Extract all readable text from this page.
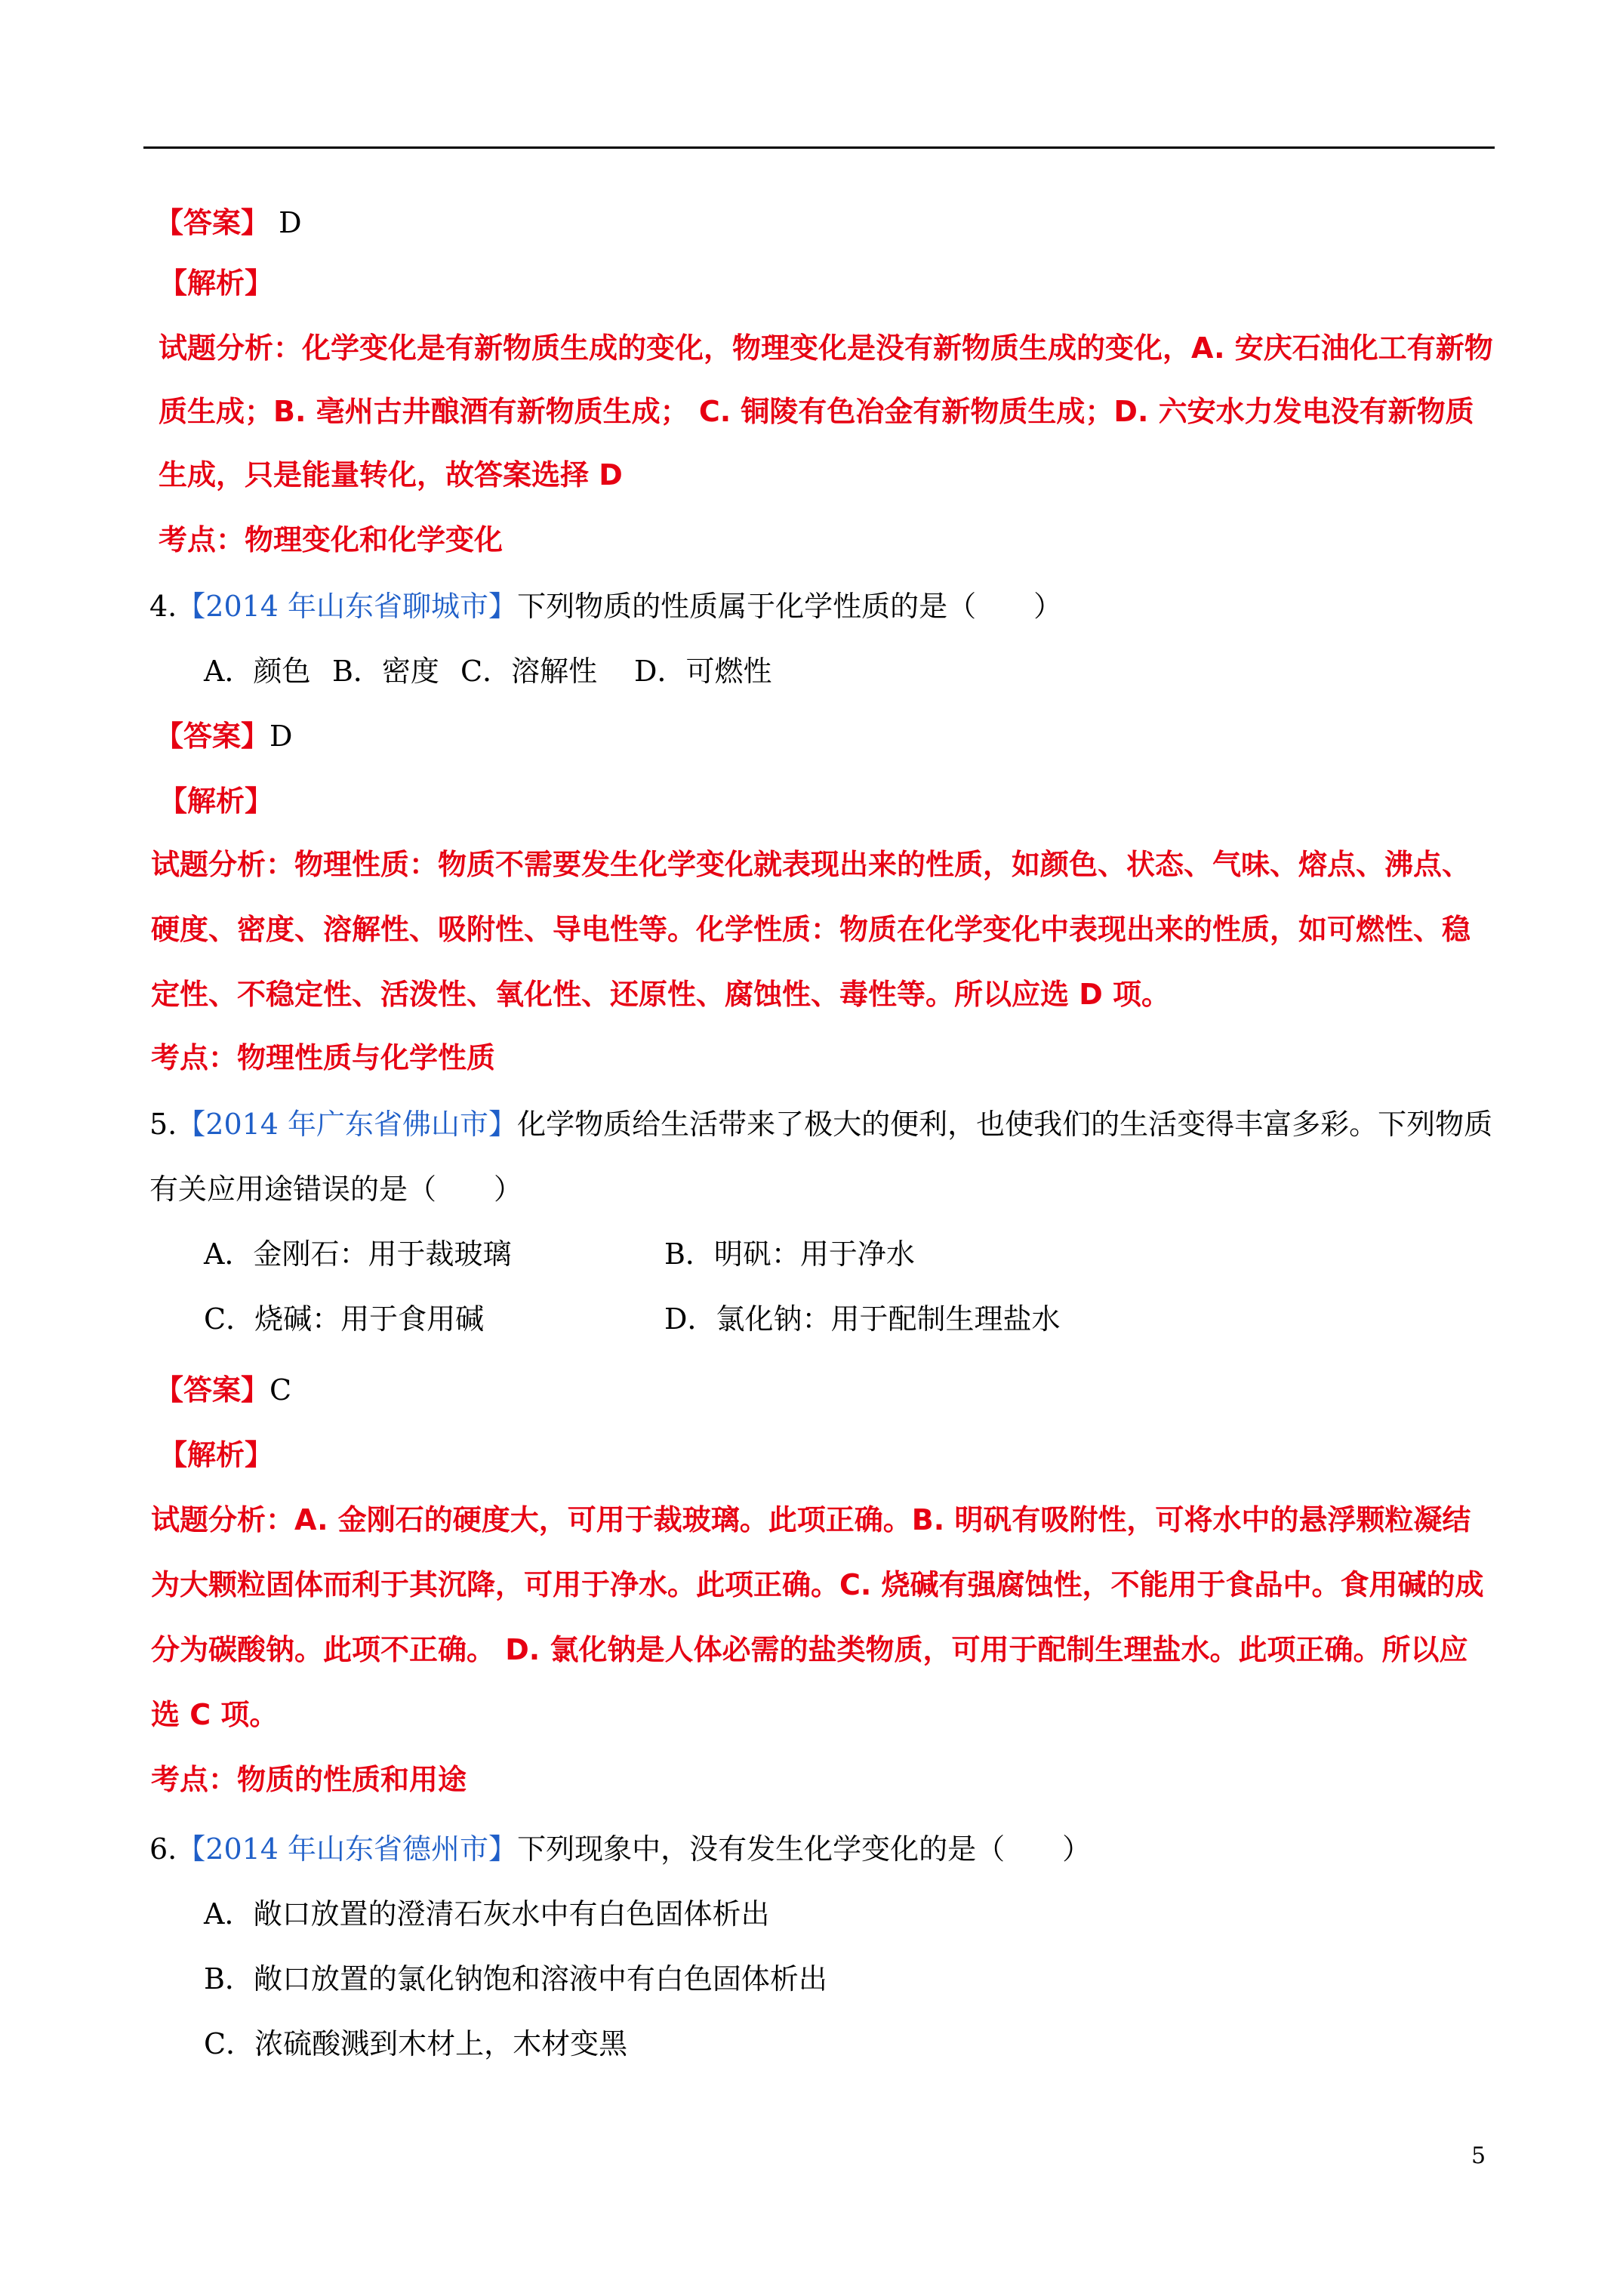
【答案】 D
【解析】
试题分析：化学变化是有新物质生成的变化，物理变化是没有新物质生成的变化，A. 安庆石油化工有新物
质生成；B. 亳州古井酿酒有新物质生成； C. 铜陵有色冶金有新物质生成；D. 六安水力发电没有新物质
生成，只是能量转化，故答案选择 D
考点：物理变化和化学变化
4.【2014 年山东省聊城市】下列物质的性质属于化学性质的是（　　）
A．颜色 B．密度 C．溶解性 D．可燃性
【答案】D
【解析】
试题分析：物理性质：物质不需要发生化学变化就表现出来的性质，如颜色、状态、气味、熔点、沸点、
硬度、密度、溶解性、吸附性、导电性等。化学性质：物质在化学变化中表现出来的性质，如可燃性、稳
定性、不稳定性、活泼性、氧化性、还原性、腐蚀性、毒性等。所以应选 D 项。
考点：物理性质与化学性质
5.【2014 年广东省佛山市】化学物质给生活带来了极大的便利，也使我们的生活变得丰富多彩。下列物质
有关应用途错误的是（　　）
A．金刚石：用于裁玻璃	B．明矾：用于净水
C．烧碱：用于食用碱	D．氯化钠：用于配制生理盐水
【答案】C
【解析】
试题分析：A. 金刚石的硬度大，可用于裁玻璃。此项正确。B. 明矾有吸附性，可将水中的悬浮颗粒凝结
为大颗粒固体而利于其沉降，可用于净水。此项正确。C. 烧碱有强腐蚀性，不能用于食品中。食用碱的成
分为碳酸钠。此项不正确。 D. 氯化钠是人体必需的盐类物质，可用于配制生理盐水。此项正确。所以应
选 C 项。
考点：物质的性质和用途
6.【2014 年山东省德州市】下列现象中，没有发生化学变化的是（　　）
A．敞口放置的澄清石灰水中有白色固体析出
B．敞口放置的氯化钠饱和溶液中有白色固体析出
C．浓硫酸溅到木材上，木材变黑
5
